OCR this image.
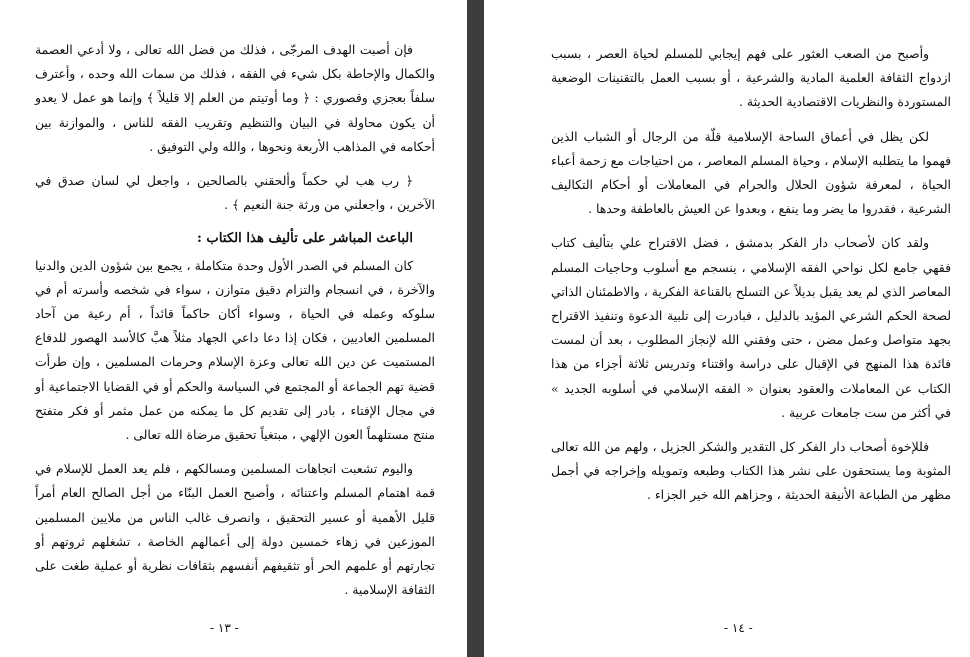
فإن أصبت الهدف المرجّى ، فذلك من فضل الله تعالى ، ولا أدعي العصمة والكمال والإحاطة بكل شيء في الفقه ، فذلك من سمات الله وحده ، وأعترف سلفاً بعجزي وقصوري : ﴿ وما أوتيتم من العلم إلا قليلاً ﴾ وإنما هو عمل لا يعدو أن يكون محاولة في البيان والتنظيم وتقريب الفقه للناس ، والموازنة بين أحكامه في المذاهب الأربعة ونحوها ، والله ولي التوفيق .

﴿ رب هب لي حكماً وألحقني بالصالحين ، واجعل لي لسان صدق في الآخرين ، واجعلني من ورثة جنة النعيم ﴾ .

الباعث المباشر على تأليف هذا الكتاب :

كان المسلم في الصدر الأول وحدة متكاملة ، يجمع بين شؤون الدين والدنيا والآخرة ، في انسجام والتزام دقيق متوازن ، سواء في شخصه وأسرته أم في سلوكه وعمله في الحياة ، وسواء أكان حاكماً قائداً ، أم رعية من آحاد المسلمين العاديين ، فكان إذا دعا داعي الجهاد مثلاً هبَّ كالأسد الهصور للدفاع المستميت عن دين الله تعالى وعزة الإسلام وحرمات المسلمين ، وإن طرأت قضية تهم الجماعة أو المجتمع في السياسة والحكم أو في القضايا الاجتماعية أو في مجال الإفتاء ، بادر إلى تقديم كل ما يمكنه من عمل مثمر أو فكر متفتح منتج مستلهماً العون الإلهي ، مبتغياً تحقيق مرضاة الله تعالى .

واليوم تشعبت اتجاهات المسلمين ومسالكهم ، فلم يعد العمل للإسلام في قمة اهتمام المسلم واعتنائه ، وأصبح العمل البنّاء من أجل الصالح العام أمراً قليل الأهمية أو عسير التحقيق ، وانصرف غالب الناس من ملايين المسلمين الموزعين في زهاء خمسين دولة إلى أعمالهم الخاصة ، تشغلهم ثروتهم أو تجارتهم أو علمهم الحر أو تثقيفهم أنفسهم بثقافات نظرية أو عملية طغت على الثقافة الإسلامية .

- ١٣ -

وأصبح من الصعب العثور على فهم إيجابي للمسلم لحياة العصر ، بسبب ازدواج الثقافة العلمية المادية والشرعية ، أو بسبب العمل بالتقنينات الوضعية المستوردة والنظريات الاقتصادية الحديثة .

لكن يظل في أعماق الساحة الإسلامية قلّة من الرجال أو الشباب الذين فهموا ما يتطلبه الإسلام ، وحياة المسلم المعاصر ، من احتياجات مع زحمة أعباء الحياة ، لمعرفة شؤون الحلال والحرام في المعاملات أو أحكام التكاليف الشرعية ، فقدروا ما يضر وما ينفع ، وبعدوا عن العيش بالعاطفة وحدها .

ولقد كان لأصحاب دار الفكر بدمشق ، فضل الاقتراح علي بتأليف كتاب فقهي جامع لكل نواحي الفقه الإسلامي ، ينسجم مع أسلوب وحاجيات المسلم المعاصر الذي لم يعد يقبل بديلاً عن التسلح بالقناعة الفكرية ، والاطمئنان الذاتي لصحة الحكم الشرعي المؤيد بالدليل ، فبادرت إلى تلبية الدعوة وتنفيذ الاقتراح بجهد متواصل وعمل مضن ، حتى وفقني الله لإنجاز المطلوب ، بعد أن لمست فائدة هذا المنهج في الإقبال على دراسة واقتناء وتدريس ثلاثة أجزاء من هذا الكتاب عن المعاملات والعقود بعنوان « الفقه الإسلامي في أسلوبه الجديد » في أكثر من ست جامعات عربية .

فللإخوة أصحاب دار الفكر كل التقدير والشكر الجزيل ، ولهم من الله تعالى المثوبة وما يستحقون على نشر هذا الكتاب وطبعه وتمويله وإخراجه في أجمل مظهر من الطباعة الأنيقة الحديثة ، وجزاهم الله خير الجزاء .

- ١٤ -
